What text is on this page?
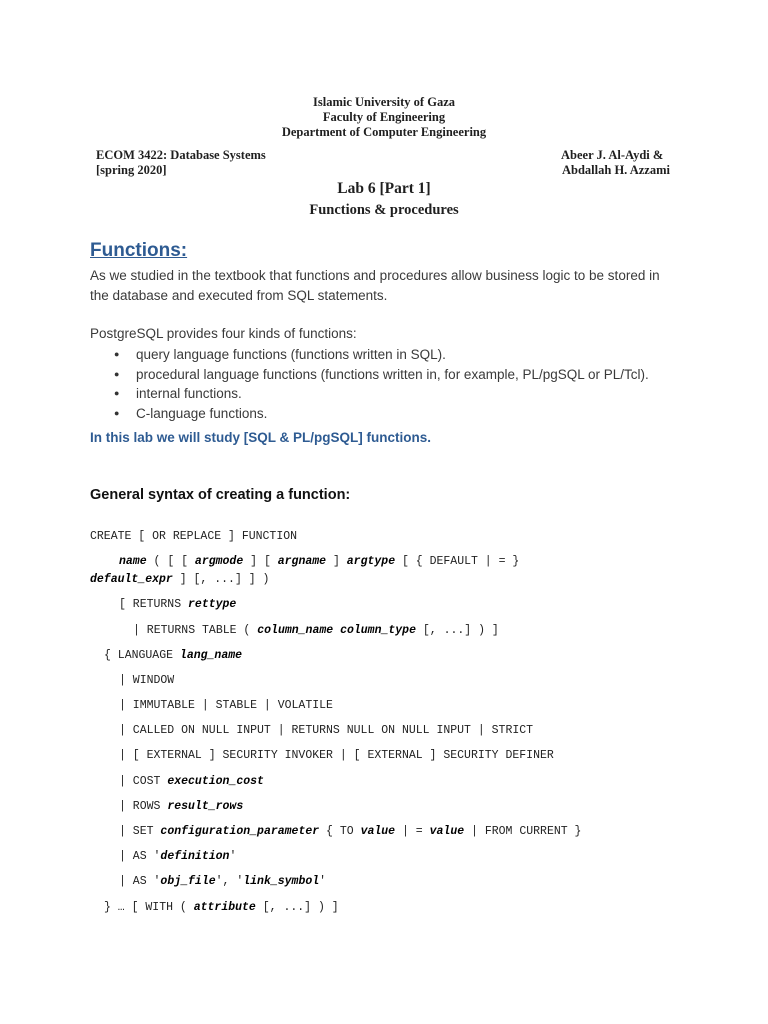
Islamic University of Gaza
Faculty of Engineering
Department of Computer Engineering
ECOM 3422: Database Systems
[spring 2020]
Abeer J. Al-Aydi &
Abdallah H. Azzami
Lab 6 [Part 1]
Functions & procedures
Functions:
As we studied in the textbook that functions and procedures allow business logic to be stored in
the database and executed from SQL statements.
PostgreSQL provides four kinds of functions:
● query language functions (functions written in SQL).
● procedural language functions (functions written in, for example, PL/pgSQL or PL/Tcl).
● internal functions.
● C-language functions.
In this lab we will study [SQL & PL/pgSQL] functions.
General syntax of creating a function:
CREATE [ OR REPLACE ] FUNCTION
name ( [ [ argmode ] [ argname ] argtype [ { DEFAULT | = }
default_expr ] [, ...] ] )
[ RETURNS rettype
| RETURNS TABLE ( column_name column_type [, ...] ) ]
{ LANGUAGE lang_name
| WINDOW
| IMMUTABLE | STABLE | VOLATILE
| CALLED ON NULL INPUT | RETURNS NULL ON NULL INPUT | STRICT
| [ EXTERNAL ] SECURITY INVOKER | [ EXTERNAL ] SECURITY DEFINER
| COST execution_cost
| ROWS result_rows
| SET configuration_parameter { TO value | = value | FROM CURRENT }
| AS 'definition'
| AS 'obj_file', 'link_symbol'
} … [ WITH ( attribute [, ...] ) ]
